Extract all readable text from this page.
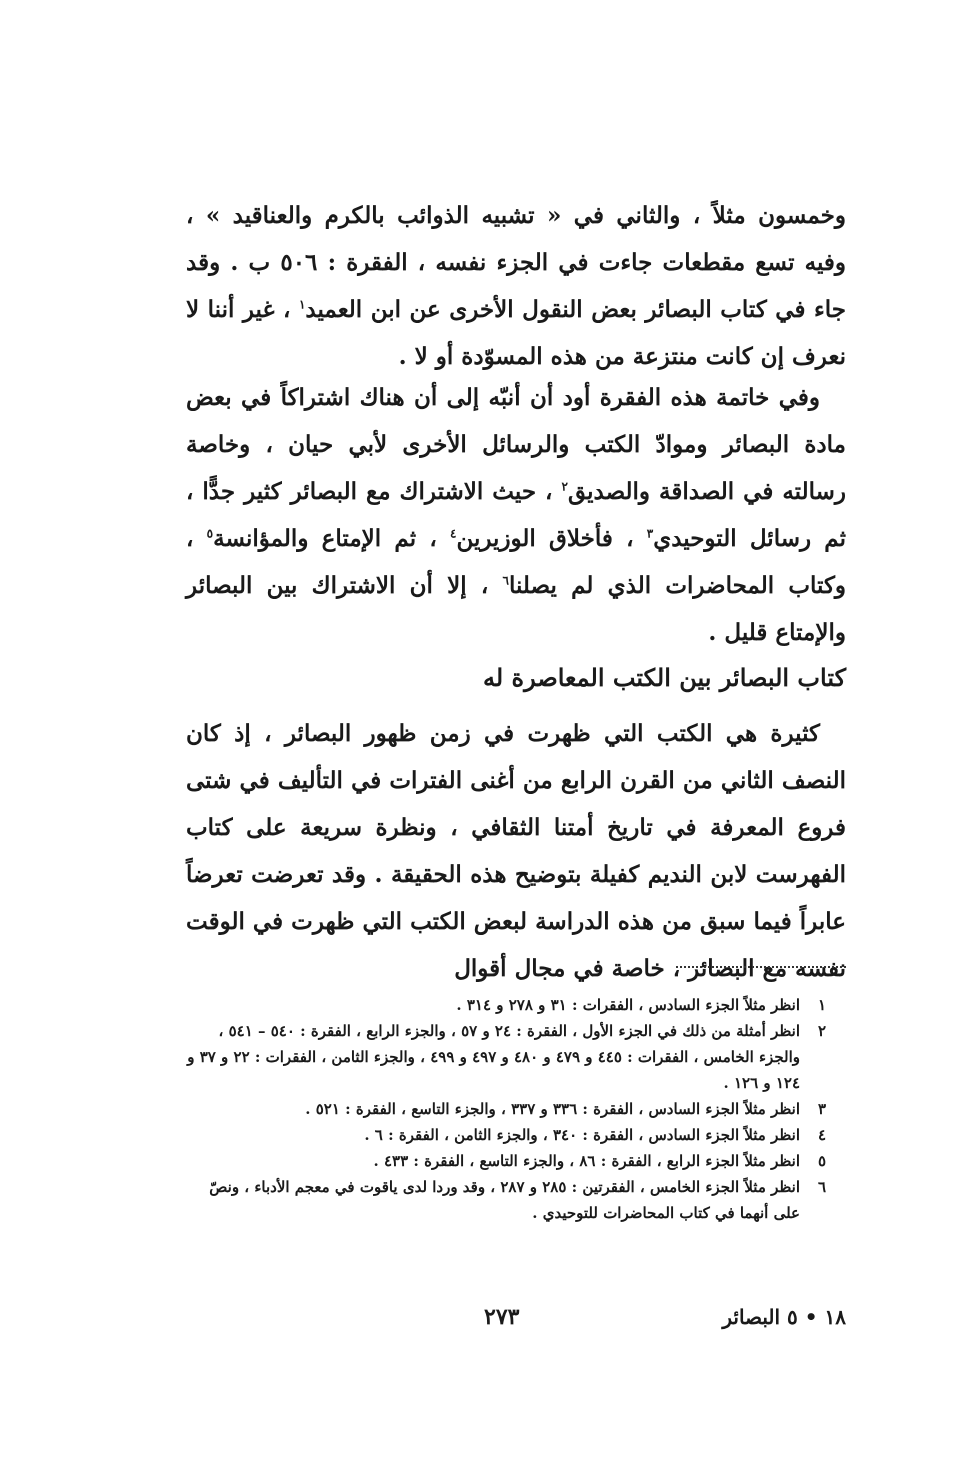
وخمسون مثلاً ، والثاني في « تشبيه الذوائب بالكرم والعناقيد » ، وفيه تسع مقطعات جاءت في الجزء نفسه ، الفقرة : ٥٠٦ ب . وقد جاء في كتاب البصائر بعض النقول الأخرى عن ابن العميد$^١$ ، غير أننا لا نعرف إن كانت منتزعة من هذه المسوّدة أو لا .
وفي خاتمة هذه الفقرة أود أن أنبّه إلى أن هناك اشتراكاً في بعض مادة البصائر وموادّ الكتب والرسائل الأخرى لأبي حيان ، وخاصة رسالته في الصداقة والصديق$^٢$ ، حيث الاشتراك مع البصائر كثير جدًّا ، ثم رسائل التوحيدي$^٣$ ، فأخلاق الوزيرين$^٤$ ، ثم الإمتاع والمؤانسة$^٥$ ، وكتاب المحاضرات الذي لم يصلنا$^٦$ ، إلا أن الاشتراك بين البصائر والإمتاع قليل .
كتاب البصائر بين الكتب المعاصرة له
كثيرة هي الكتب التي ظهرت في زمن ظهور البصائر ، إذ كان النصف الثاني من القرن الرابع من أغنى الفترات في التأليف في شتى فروع المعرفة في تاريخ أمتنا الثقافي ، ونظرة سريعة على كتاب الفهرست لابن النديم كفيلة بتوضيح هذه الحقيقة . وقد تعرضت تعرضاً عابراً فيما سبق من هذه الدراسة لبعض الكتب التي ظهرت في الوقت نفسه مع البصائر ، خاصة في مجال أقوال
١
انظر مثلاً الجزء السادس ، الفقرات : ٣١ و ٢٧٨ و ٣١٤ .
٢
انظر أمثلة من ذلك في الجزء الأول ، الفقرة : ٢٤ و ٥٧ ، والجزء الرابع ، الفقرة : ٥٤٠ – ٥٤١ ، والجزء الخامس ، الفقرات : ٤٤٥ و ٤٧٩ و ٤٨٠ و ٤٩٧ و ٤٩٩ ، والجزء الثامن ، الفقرات : ٢٢ و ٣٧ و ١٢٤ و ١٢٦ .
٣
انظر مثلاً الجزء السادس ، الفقرة : ٣٣٦ و ٣٣٧ ، والجزء التاسع ، الفقرة : ٥٢١ .
٤
انظر مثلاً الجزء السادس ، الفقرة : ٣٤٠ ، والجزء الثامن ، الفقرة : ٦ .
٥
انظر مثلاً الجزء الرابع ، الفقرة : ٨٦ ، والجزء التاسع ، الفقرة : ٤٣٣ .
٦
انظر مثلاً الجزء الخامس ، الفقرتين : ٢٨٥ و ٢٨٧ ، وقد وردا لدى ياقوت في معجم الأدباء ، ونصّ على أنهما في كتاب المحاضرات للتوحيدي .
١٨ • ٥ البصائر
٢٧٣
